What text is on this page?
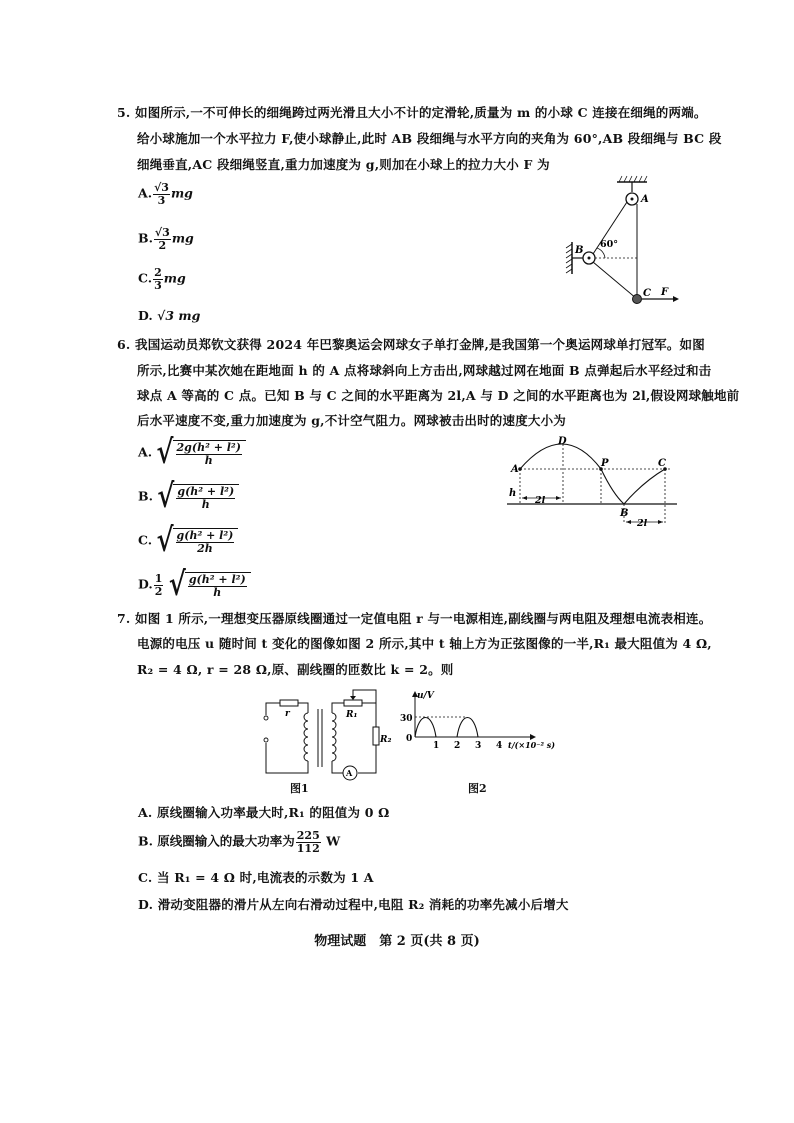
5. 如图所示,一不可伸长的细绳跨过两光滑且大小不计的定滑轮,质量为 m 的小球 C 连接在细绳的两端。
给小球施加一个水平拉力 F,使小球静止,此时 AB 段细绳与水平方向的夹角为 60°,AB 段细绳与 BC 段
细绳垂直,AC 段细绳竖直,重力加速度为 g,则加在小球上的拉力大小 F 为
A. $\frac{√3}{3}$ mg
B. $\frac{√3}{2}$ mg
C. $\frac{2}{3}$ mg
D. √3 mg
A
B
60°
C F
6. 我国运动员郑钦文获得 2024 年巴黎奥运会网球女子单打金牌,是我国第一个奥运网球单打冠军。如图
所示,比赛中某次她在距地面 h 的 A 点将球斜向上方击出,网球越过网在地面 B 点弹起后水平经过和击
球点 A 等高的 C 点。已知 B 与 C 之间的水平距离为 2l,A 与 D 之间的水平距离也为 2l,假设网球触地前
后水平速度不变,重力加速度为 g,不计空气阻力。网球被击出时的速度大小为
A. √ $\frac{\text{2g(h² + l²)}}{h}$
B. √ $\frac{\text{g(h² + l²)}}{h}$
C. √ $\frac{\text{g(h² + l²)}}{2h}$
D. $\frac{1}{2}$
√ $\frac{\text{g(h² + l²)}}{h}$
A
D
P	C
B
h
2l
2l
7. 如图 1 所示,一理想变压器原线圈通过一定值电阻 r 与一电源相连,副线圈与两电阻及理想电流表相连。
电源的电压 u 随时间 t 变化的图像如图 2 所示,其中 t 轴上方为正弦图像的一半,R₁ 最大阻值为 4 Ω,
R₂ = 4 Ω, r = 28 Ω,原、副线圈的匝数比 k = 2。则
r	R₁
R₂
A
图1
u/V
30
0
1 2 3 4 t/(×10⁻² s)
图2
A. 原线圈输入功率最大时,R₁ 的阻值为 0 Ω
B. 原线圈输入的最大功率为 $\frac{225}{112}$ W
C. 当 R₁ = 4 Ω 时,电流表的示数为 1 A
D. 滑动变阻器的滑片从左向右滑动过程中,电阻 R₂ 消耗的功率先减小后增大
物理试题　第 2 页(共 8 页)
